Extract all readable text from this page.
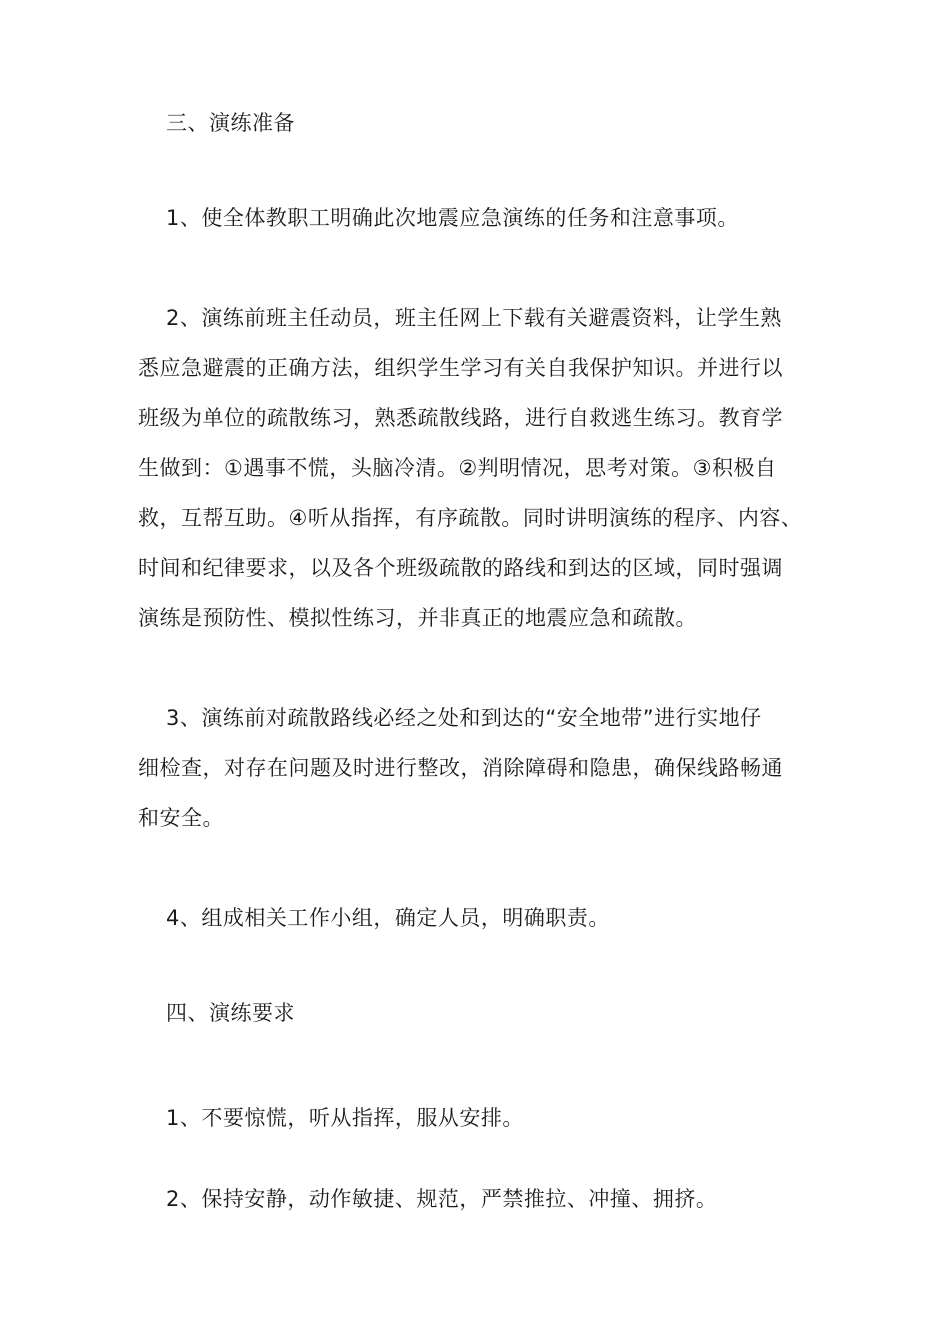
三、演练准备

1、使全体教职工明确此次地震应急演练的任务和注意事项。

2、演练前班主任动员，班主任网上下载有关避震资料，让学生熟
悉应急避震的正确方法，组织学生学习有关自我保护知识。并进行以
班级为单位的疏散练习，熟悉疏散线路，进行自救逃生练习。教育学
生做到：①遇事不慌，头脑冷清。②判明情况，思考对策。③积极自
救，互帮互助。④听从指挥，有序疏散。同时讲明演练的程序、内容、
时间和纪律要求，以及各个班级疏散的路线和到达的区域，同时强调
演练是预防性、模拟性练习，并非真正的地震应急和疏散。

3、演练前对疏散路线必经之处和到达的“安全地带”进行实地仔
细检查，对存在问题及时进行整改，消除障碍和隐患，确保线路畅通
和安全。

4、组成相关工作小组，确定人员，明确职责。

四、演练要求

1、不要惊慌，听从指挥，服从安排。

2、保持安静，动作敏捷、规范，严禁推拉、冲撞、拥挤。
